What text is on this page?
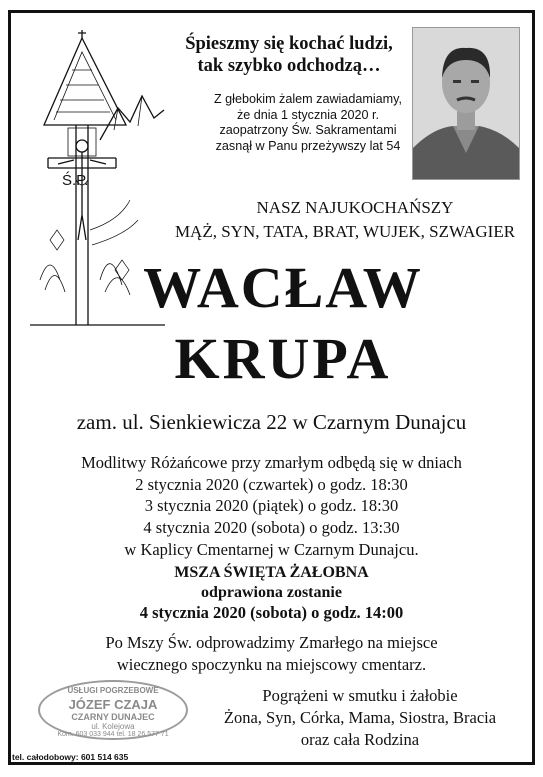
Śpieszmy się kochać ludzi,
tak szybko odchodzą…
Z głebokim żalem zawiadamiamy,
że dnia 1 stycznia 2020 r.
zaopatrzony Św. Sakramentami
zasnął w Panu przeżywszy lat 54
Ś.P.
NASZ NAJUKOCHAŃSZY
MĄŻ, SYN, TATA, BRAT, WUJEK, SZWAGIER
WACŁAW
KRUPA
zam. ul. Sienkiewicza 22 w Czarnym Dunajcu
Modlitwy Różańcowe przy zmarłym odbędą się w dniach
2 stycznia 2020 (czwartek) o godz. 18:30
3 stycznia 2020 (piątek) o godz. 18:30
4 stycznia 2020 (sobota) o godz. 13:30
w Kaplicy Cmentarnej w Czarnym Dunajcu.
MSZA ŚWIĘTA ŻAŁOBNA
odprawiona zostanie
4 stycznia 2020 (sobota) o godz. 14:00
Po Mszy Św. odprowadzimy Zmarłego na miejsce
wiecznego spoczynku na miejscowy cmentarz.
USŁUGI POGRZEBOWE
JÓZEF CZAJA
CZARNY DUNAJEC
ul. Kolejowa
Kom. 603 033 944 tel. 18 26 577 71
Pogrążeni w smutku i żałobie
Żona, Syn, Córka, Mama, Siostra, Bracia
oraz cała Rodzina
tel. całodobowy: 601 514 635
